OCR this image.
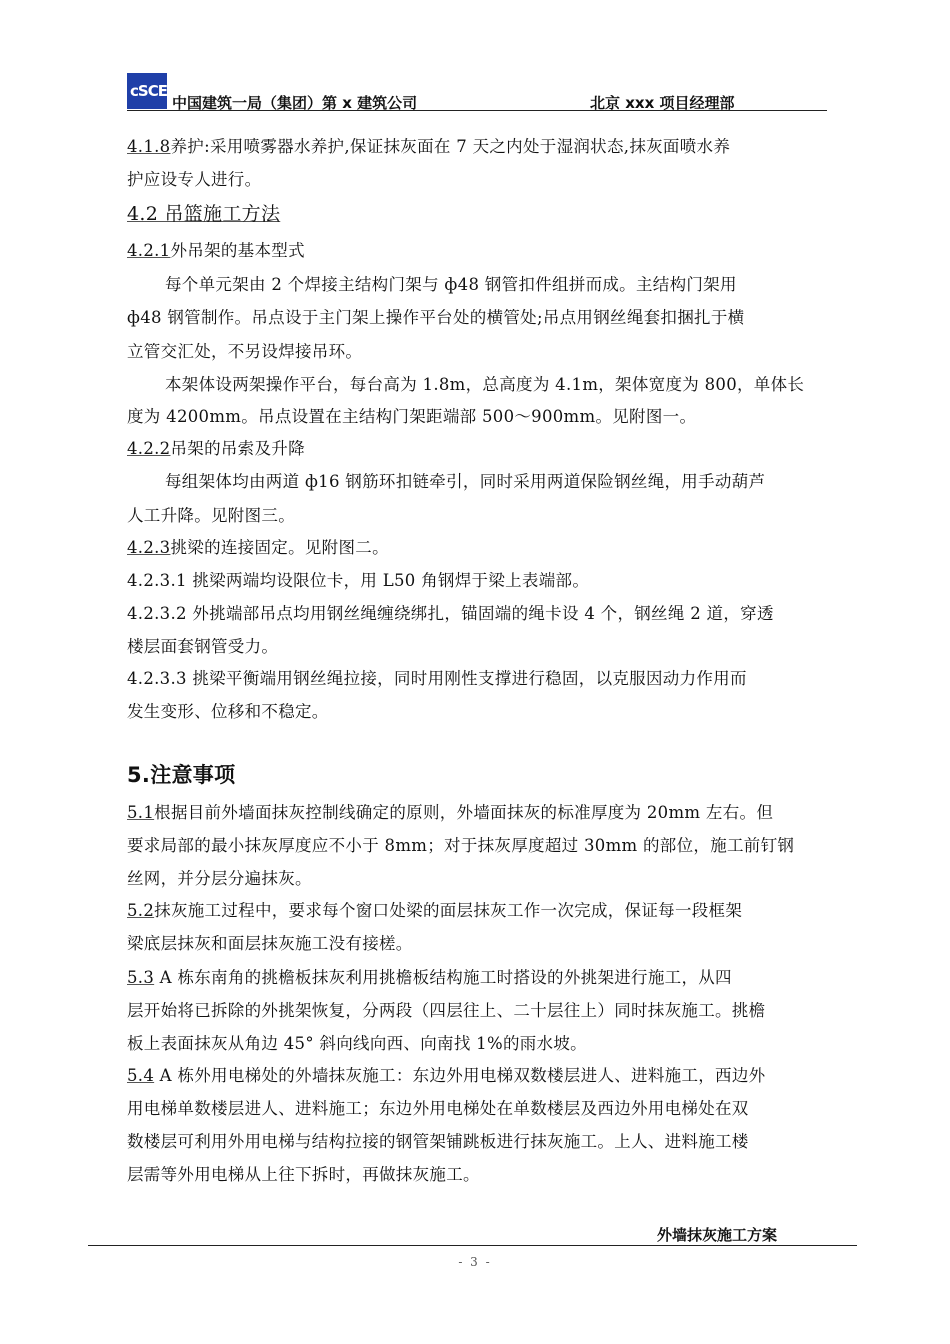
cSCEC
中国建筑一局（集团）第 x 建筑公司	北京 xxx 项目经理部
4.1.8养护:采用喷雾器水养护,保证抹灰面在 7 天之内处于湿润状态,抹灰面喷水养
护应设专人进行。
4.2 吊篮施工方法
4.2.1外吊架的基本型式
每个单元架由 2 个焊接主结构门架与 ф48 钢管扣件组拼而成。主结构门架用
ф48 钢管制作。吊点设于主门架上操作平台处的横管处;吊点用钢丝绳套扣捆扎于横
立管交汇处，不另设焊接吊环。
本架体设两架操作平台，每台高为 1.8m，总高度为 4.1m，架体宽度为 800，单体长
度为 4200mm。吊点设置在主结构门架距端部 500～900mm。见附图一。
4.2.2吊架的吊索及升降
每组架体均由两道 ф16 钢筋环扣链牵引，同时采用两道保险钢丝绳，用手动葫芦
人工升降。见附图三。
4.2.3挑梁的连接固定。见附图二。
4.2.3.1 挑梁两端均设限位卡，用 L50 角钢焊于梁上表端部。
4.2.3.2 外挑端部吊点均用钢丝绳缠绕绑扎，锚固端的绳卡设 4 个，钢丝绳 2 道，穿透
楼层面套钢管受力。
4.2.3.3 挑梁平衡端用钢丝绳拉接，同时用刚性支撑进行稳固，以克服因动力作用而
发生变形、位移和不稳定。
5.注意事项
5.1根据目前外墙面抹灰控制线确定的原则，外墙面抹灰的标准厚度为 20mm 左右。但
要求局部的最小抹灰厚度应不小于 8mm；对于抹灰厚度超过 30mm 的部位，施工前钉钢
丝网，并分层分遍抹灰。
5.2抹灰施工过程中，要求每个窗口处梁的面层抹灰工作一次完成，保证每一段框架
梁底层抹灰和面层抹灰施工没有接槎。
5.3 A 栋东南角的挑檐板抹灰利用挑檐板结构施工时搭设的外挑架进行施工，从四
层开始将已拆除的外挑架恢复，分两段（四层往上、二十层往上）同时抹灰施工。挑檐
板上表面抹灰从角边 45° 斜向线向西、向南找 1%的雨水坡。
5.4 A 栋外用电梯处的外墙抹灰施工：东边外用电梯双数楼层进人、进料施工，西边外
用电梯单数楼层进人、进料施工；东边外用电梯处在单数楼层及西边外用电梯处在双
数楼层可利用外用电梯与结构拉接的钢管架铺跳板进行抹灰施工。上人、进料施工楼
层需等外用电梯从上往下拆时，再做抹灰施工。
外墙抹灰施工方案
- 3 -
